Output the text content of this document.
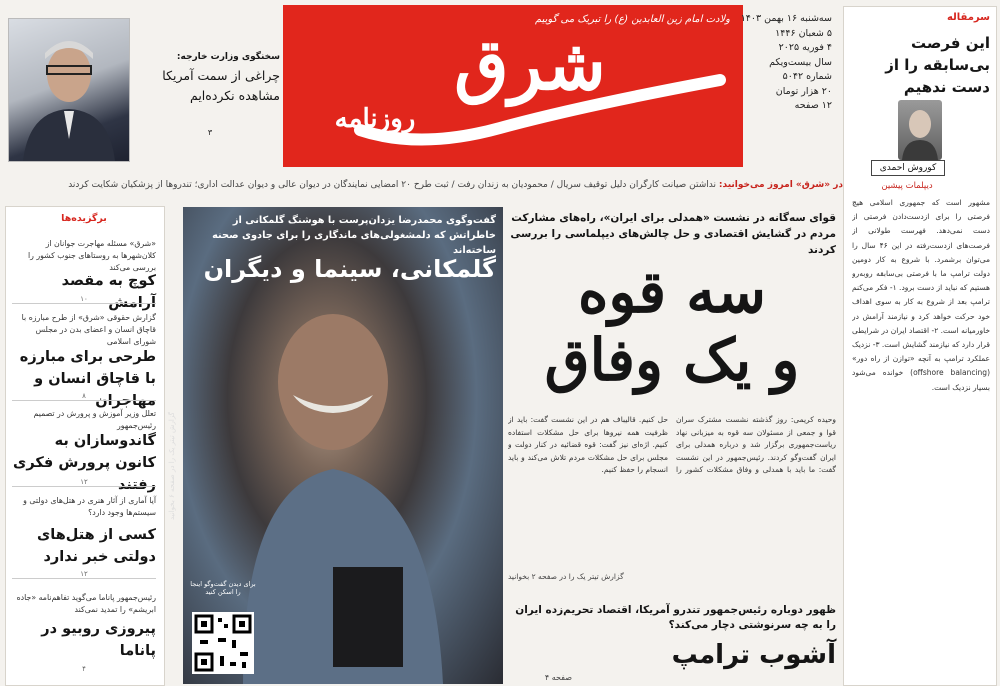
شرق
روزنامه
ولادت امام زین العابدین (ع) را تبریک می گوییم سه‌شنبه ۱۶ بهمن ۱۴۰۳
۵ شعبان ۱۴۴۶
۴ فوریه ۲۰۲۵
سال بیست‌ویکم
شماره ۵۰۴۲
۲۰ هزار تومان
۱۲ صفحه
سخنگوی وزارت خارجه:
چراغی از سمت آمریکا مشاهده نکرده‌ایم
۳
در «شرق» امروز می‌خوانید: نداشتن صیانت کارگران دلیل توقیف سریال / محمودیان به زندان رفت / ثبت طرح ۲۰ امضایی نمایندگان در دیوان عالی و دیوان عدالت اداری؛ تندروها از پزشکیان شکایت کردند
سرمقاله
این فرصت بی‌سابقه را از دست ندهیم
کوروش احمدی
دیپلمات پیشین
مشهور است که جمهوری اسلامی هیچ فرصتی را برای ازدست‌دادن فرصتی از دست نمی‌دهد. فهرست طولانی از فرصت‌های ازدست‌رفته در این ۴۶ سال را می‌توان برشمرد. با شروع به کار دومین دولت ترامپ ما با فرصتی بی‌سابقه روبه‌رو هستیم که نباید از دست برود. ۱- فکر می‌کنم ترامپ بعد از شروع به کار به سوی اهداف خود حرکت خواهد کرد و نیازمند آرامش در خاورمیانه است. ۲- اقتصاد ایران در شرایطی قرار دارد که نیازمند گشایش است. ۳- نزدیک عملکرد ترامپ به آنچه «توازن از راه دور» (offshore balancing) خوانده می‌شود بسیار نزدیک است.
برگزیده‌ها
«شرق» مسئله مهاجرت جوانان از کلان‌شهرها به روستاهای جنوب کشور را بررسی می‌کند
کوچ به مقصد آرامش
۱۰
گزارش حقوقی «شرق» از طرح مبارزه با قاچاق انسان و اعضای بدن در مجلس شورای اسلامی
طرحی برای مبارزه با قاچاق انسان و مهاجران
۸
تعلل وزیر آموزش و پرورش در تصمیم رئیس‌جمهور
گاندوسازان به کانون پرورش فکری رفتند
۱۲
آیا آماری از آثار هنری در هتل‌های دولتی و سیستم‌ها وجود دارد؟
کسی از هتل‌های دولتی خبر ندارد
۱۲
رئیس‌جمهور پاناما می‌گوید تفاهم‌نامه «جاده ابریشم» را تمدید نمی‌کند
پیروزی روبیو در پاناما
۴
گفت‌وگوی محمدرضا یزدان‌پرست با هوشنگ گلمکانی از خاطراتش که دلمشغولی‌های ماندگاری را برای جادوی صحنه ساخته‌اند
گلمکانی، سینما و دیگران
گزارش تیتر یک را در صفحه ۶ بخوانید
برای دیدن گفت‌وگو اینجا را اسکن کنید
قوای سه‌گانه در نشست «همدلی برای ایران»، راه‌های مشارکت مردم در گشایش اقتصادی و حل چالش‌های دیپلماسی را بررسی کردند
سه قوه
و یک وفاق
وحیده کریمی: روز گذشته نشست مشترک سران قوا و جمعی از مسئولان سه قوه به میزبانی نهاد ریاست‌جمهوری برگزار شد و درباره همدلی برای ایران گفت‌وگو کردند. رئیس‌جمهور در این نشست گفت: ما باید با همدلی و وفاق مشکلات کشور را حل کنیم. قالیباف هم در این نشست گفت: باید از ظرفیت همه نیروها برای حل مشکلات استفاده کنیم. اژه‌ای نیز گفت: قوه قضائیه در کنار دولت و مجلس برای حل مشکلات مردم تلاش می‌کند و باید انسجام را حفظ کنیم.
گزارش تیتر یک را در صفحه ۲ بخوانید
ظهور دوباره رئیس‌جمهور تندرو آمریکا، اقتصاد تحریم‌زده ایران را به چه سرنوشتی دچار می‌کند؟
آشوب ترامپ
صفحه ۴
